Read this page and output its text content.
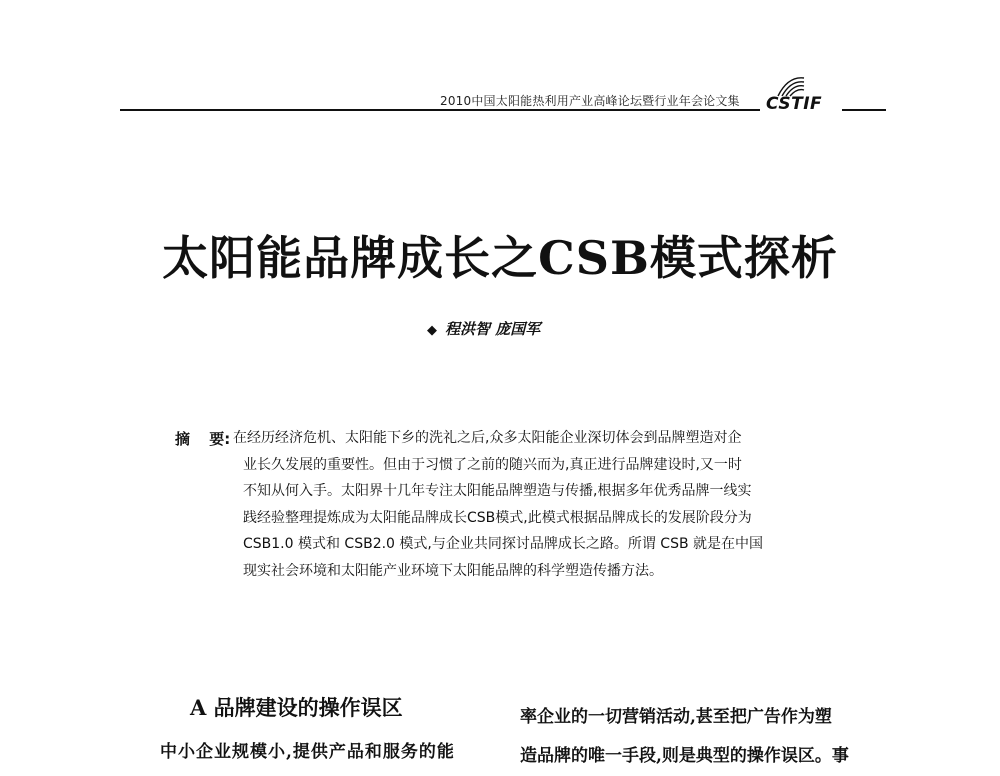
2010中国太阳能热利用产业高峰论坛暨行业年会论文集 CSTIF
太阳能品牌成长之CSB模式探析
◆ 程洪智 庞国军
摘 要: 在经历经济危机、太阳能下乡的洗礼之后,众多太阳能企业深切体会到品牌塑造对企
业长久发展的重要性。但由于习惯了之前的随兴而为,真正进行品牌建设时,又一时
不知从何入手。太阳界十几年专注太阳能品牌塑造与传播,根据多年优秀品牌一线实
践经验整理提炼成为太阳能品牌成长CSB模式,此模式根据品牌成长的发展阶段分为
CSB1.0 模式和 CSB2.0 模式,与企业共同探讨品牌成长之路。所谓 CSB 就是在中国
现实社会环境和太阳能产业环境下太阳能品牌的科学塑造传播方法。
A 品牌建设的操作误区
中小企业规模小,提供产品和服务的能
率企业的一切营销活动,甚至把广告作为塑
造品牌的唯一手段,则是典型的操作误区。事
